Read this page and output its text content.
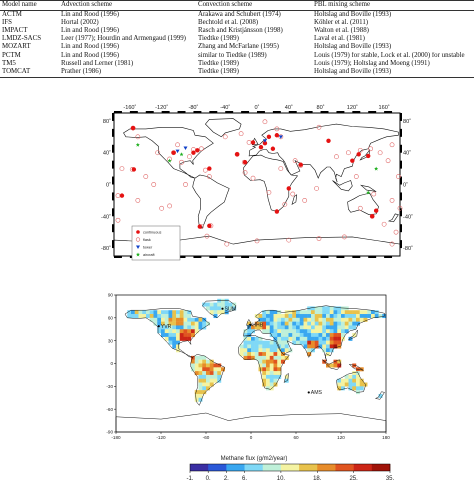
Model name	Advection scheme	Convection scheme	PBL mixing scheme
ACTM	Lin and Rood (1996)	Arakawa and Schubert (1974)	Holtslag and Boville (1993)
IFS	Hortal (2002)	Bechtold et al. (2008)	Köhler et al. (2011)
IMPACT	Lin and Rood (1996)	Rasch and Kristjánsson (1998)	Walton et al. (1988)
LMDZ-SACS	Leer (1977); Hourdin and Armengaud (1999)	Tiedtke (1989)	Laval et al. (1981)
MOZART	Lin and Rood (1996)	Zhang and McFarlane (1995)	Holtslag and Boville (1993)
PCTM	Lin and Rood (1996)	similar to Tiedtke (1989)	Louis (1979) for stable, Lock et al. (2000) for unstable
TM5	Russell and Lerner (1981)	Tiedtke (1989)	Louis (1979); Holtslag and Moeng (1991)
TOMCAT	Prather (1986)	Tiedtke (1989)	Holtslag and Boville (1993)
-160˚	-120˚	-80˚	-40˚	0˚	40˚	80˚	120˚	160˚
80˚	80˚
40˚	40˚
0˚	0˚
-40˚	-40˚
-80˚	-80˚
continuous
flask
tower
aircraft
-180	-120	-60	0	60	120	180
90
60
30
0
-30
-60
-90
SUM
YVR	HHB
AMS
Methane flux (g/m2/year)
-1. 0. 2. 6.	10.	18.	25.	35.
